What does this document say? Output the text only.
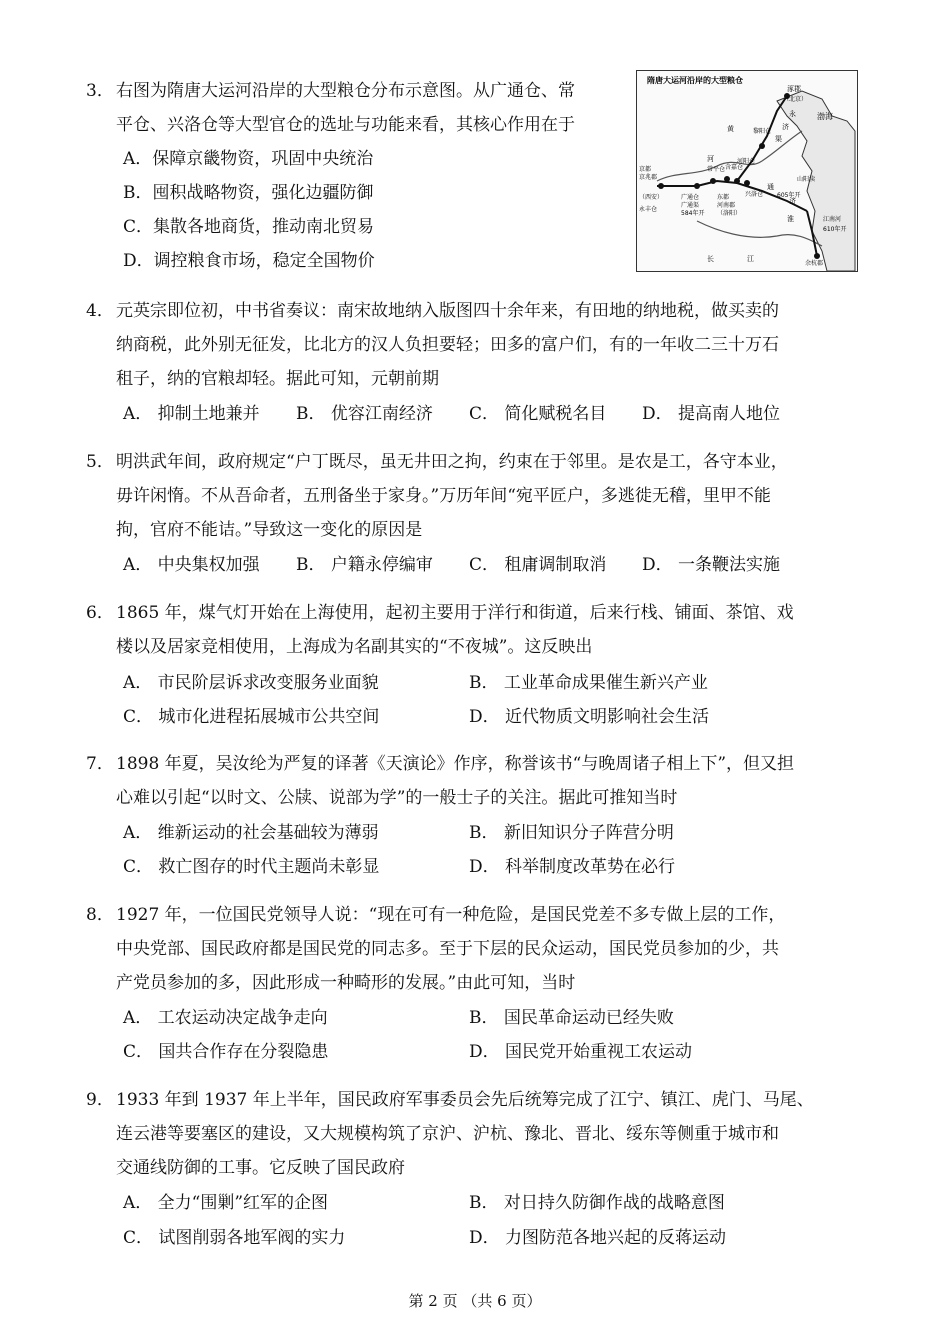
隋唐大运河沿岸的大型粮仓
涿郡
（北京）
永
济
渠
渤海
黎阳仓
黄
河
京都
京兆郡
（西安）
常平仓 含嘉仓
河阳仓
东都
河南郡
（洛阳）
兴洛仓
广通仓
永丰仓
广通渠
584年开
通
605年开
济
山阳渎
淮
长	江
江南河
610年开
余杭郡
3． 右图为隋唐大运河沿岸的大型粮仓分布示意图。从广通仓、常
平仓、兴洛仓等大型官仓的选址与功能来看，其核心作用在于
A．保障京畿物资，巩固中央统治
B．囤积战略物资，强化边疆防御
C．集散各地商货，推动南北贸易
D．调控粮食市场，稳定全国物价
4． 元英宗即位初，中书省奏议：南宋故地纳入版图四十余年来，有田地的纳地税，做买卖的
纳商税，此外别无征发，比北方的汉人负担要轻；田多的富户们，有的一年收二三十万石
租子，纳的官粮却轻。据此可知，元朝前期
A． 抑制土地兼并 B． 优容江南经济 C． 简化赋税名目 D． 提高南人地位
5． 明洪武年间，政府规定“户丁既尽，虽无井田之拘，约束在于邻里。是农是工，各守本业，
毋许闲惰。不从吾命者，五刑备坐于家身。”万历年间“宛平匠户，多逃徙无稽，里甲不能
拘，官府不能诘。”导致这一变化的原因是
A． 中央集权加强 B． 户籍永停编审 C． 租庸调制取消 D． 一条鞭法实施
6． 1865 年，煤气灯开始在上海使用，起初主要用于洋行和街道，后来行栈、铺面、茶馆、戏
楼以及居家竞相使用，上海成为名副其实的“不夜城”。这反映出
A． 市民阶层诉求改变服务业面貌	B． 工业革命成果催生新兴产业
C． 城市化进程拓展城市公共空间	D． 近代物质文明影响社会生活
7． 1898 年夏，吴汝纶为严复的译著《天演论》作序，称誉该书“与晚周诸子相上下”，但又担
心难以引起“以时文、公牍、说部为学”的一般士子的关注。据此可推知当时
A． 维新运动的社会基础较为薄弱	B． 新旧知识分子阵营分明
C． 救亡图存的时代主题尚未彰显	D． 科举制度改革势在必行
8． 1927 年，一位国民党领导人说：“现在可有一种危险，是国民党差不多专做上层的工作，
中央党部、国民政府都是国民党的同志多。至于下层的民众运动，国民党员参加的少，共
产党员参加的多，因此形成一种畸形的发展。”由此可知，当时
A． 工农运动决定战争走向	B． 国民革命运动已经失败
C． 国共合作存在分裂隐患	D． 国民党开始重视工农运动
9． 1933 年到 1937 年上半年，国民政府军事委员会先后统筹完成了江宁、镇江、虎门、马尾、
连云港等要塞区的建设，又大规模构筑了京沪、沪杭、豫北、晋北、绥东等侧重于城市和
交通线防御的工事。它反映了国民政府
A． 全力“围剿”红军的企图	B． 对日持久防御作战的战略意图
C． 试图削弱各地军阀的实力	D． 力图防范各地兴起的反蒋运动
第 2 页 （共 6 页）
